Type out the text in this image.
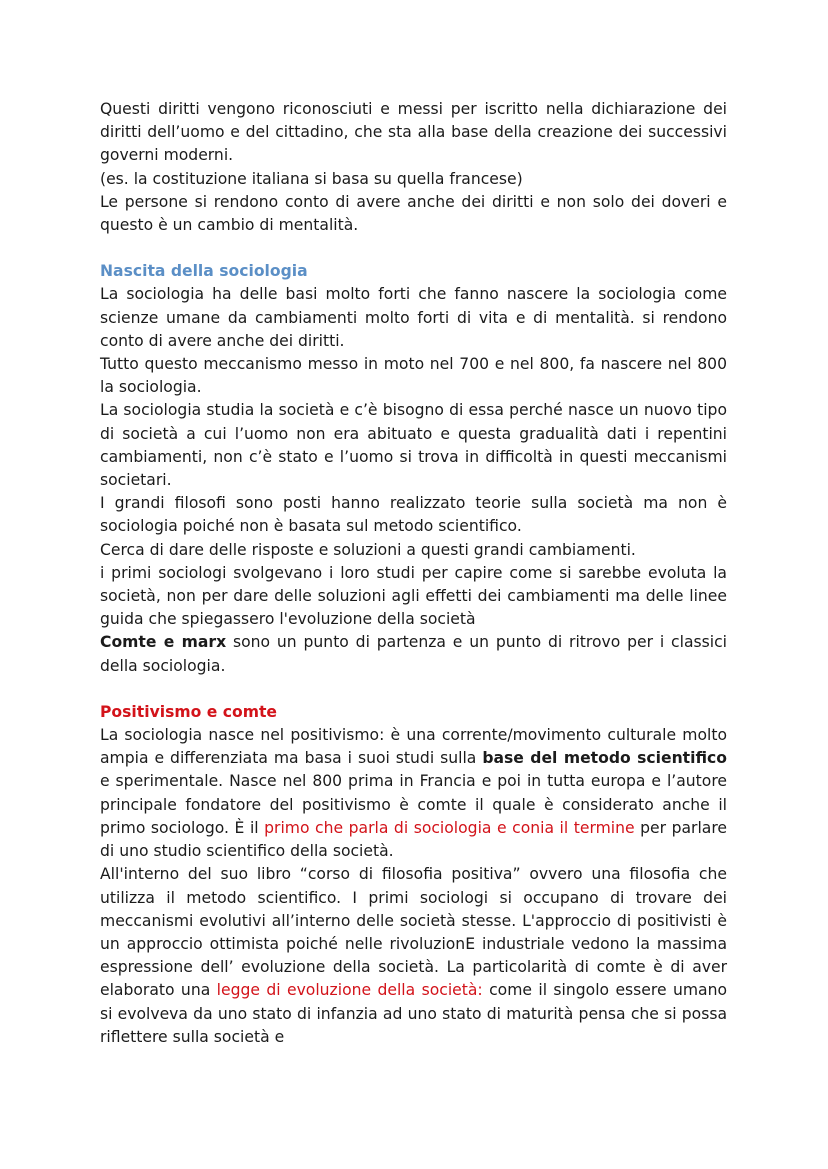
Questi diritti vengono riconosciuti e messi per iscritto nella dichiarazione dei diritti dell’uomo e del cittadino, che sta alla base della creazione dei successivi governi moderni.

(es. la costituzione italiana si basa su quella francese)

Le persone si rendono conto di avere anche dei diritti e non solo dei doveri e questo è un cambio di mentalità.

Nascita della sociologia

La sociologia ha delle basi molto forti che fanno nascere la sociologia come scienze umane da cambiamenti molto forti di vita e di mentalità. si rendono conto di avere anche dei diritti.

Tutto questo meccanismo messo in moto nel 700 e nel 800, fa nascere nel 800 la sociologia.

La sociologia studia la società e c’è bisogno di essa perché nasce un nuovo tipo di società a cui l’uomo non era abituato e questa gradualità dati i repentini cambiamenti, non c’è stato e l’uomo si trova in difficoltà in questi meccanismi societari.

I grandi filosofi sono posti hanno realizzato teorie sulla società ma non è sociologia poiché non è basata sul metodo scientifico.

Cerca di dare delle risposte e soluzioni a questi grandi cambiamenti.

i primi sociologi svolgevano i loro studi per capire come si sarebbe evoluta la società, non per dare delle soluzioni agli effetti dei cambiamenti ma delle linee guida che spiegassero l'evoluzione della società

Comte e marx sono un punto di partenza e un punto di ritrovo per i classici della sociologia.

Positivismo e comte

La sociologia nasce nel positivismo: è una corrente/movimento culturale molto ampia e differenziata ma basa i suoi studi sulla base del metodo scientifico e sperimentale. Nasce nel 800 prima in Francia e poi in tutta europa e l’autore principale fondatore del positivismo è comte il quale è considerato anche il primo sociologo. È il primo che parla di sociologia e conia il termine per parlare di uno studio scientifico della società.

All'interno del suo libro “corso di filosofia positiva” ovvero una filosofia che utilizza il metodo scientifico. I primi sociologi si occupano di trovare dei meccanismi evolutivi all’interno delle società stesse. L'approccio di positivisti è un approccio ottimista poiché nelle rivoluzionE industriale vedono la massima espressione dell’ evoluzione della società. La particolarità di comte è di aver elaborato una legge di evoluzione della società: come il singolo essere umano si evolveva da uno stato di infanzia ad uno stato di maturità pensa che si possa riflettere sulla società e
